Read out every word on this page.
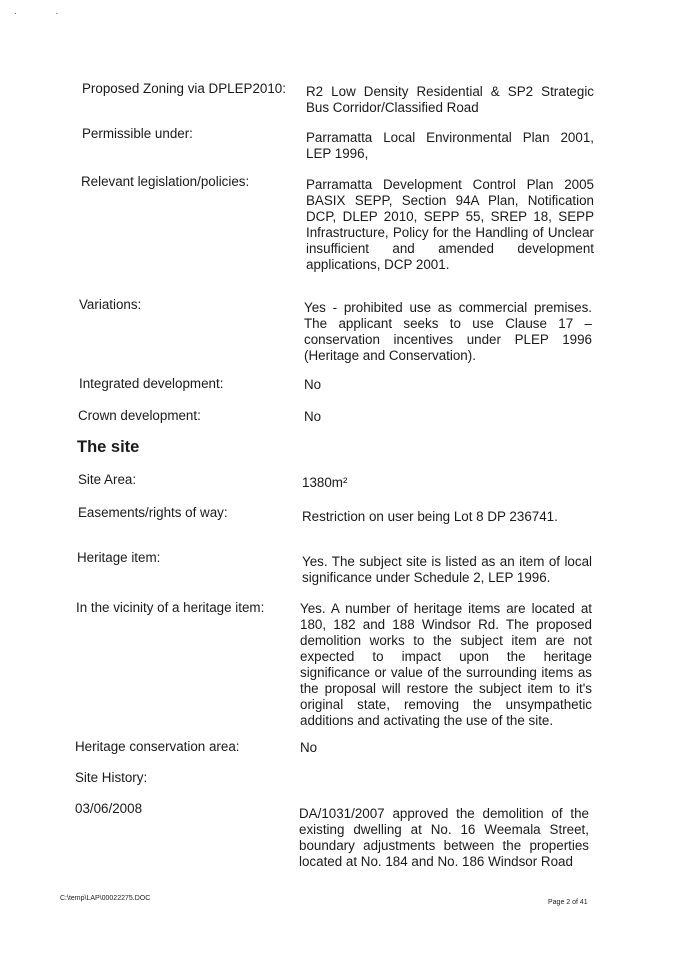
. .
Proposed Zoning via DPLEP2010: R2 Low Density Residential & SP2 Strategic Bus Corridor/Classified Road
Permissible under:	Parramatta Local Environmental Plan 2001, LEP 1996,
Relevant legislation/policies:	Parramatta Development Control Plan 2005 BASIX SEPP, Section 94A Plan, Notification DCP, DLEP 2010, SEPP 55, SREP 18, SEPP Infrastructure, Policy for the Handling of Unclear insufficient and amended development applications, DCP 2001.
Variations:	Yes - prohibited use as commercial premises. The applicant seeks to use Clause 17 – conservation incentives under PLEP 1996 (Heritage and Conservation).
Integrated development:	No
Crown development:	No
The site
Site Area:	1380m²
Easements/rights of way:	Restriction on user being Lot 8 DP 236741.
Heritage item:	Yes. The subject site is listed as an item of local significance under Schedule 2, LEP 1996.
In the vicinity of a heritage item:	Yes. A number of heritage items are located at 180, 182 and 188 Windsor Rd. The proposed demolition works to the subject item are not expected to impact upon the heritage significance or value of the surrounding items as the proposal will restore the subject item to it's original state, removing the unsympathetic additions and activating the use of the site.
Heritage conservation area:	No
Site History:
03/06/2008	DA/1031/2007 approved the demolition of the existing dwelling at No. 16 Weemala Street, boundary adjustments between the properties located at No. 184 and No. 186 Windsor Road
C:\temp\LAP\00022275.DOC
Page 2 of 41
